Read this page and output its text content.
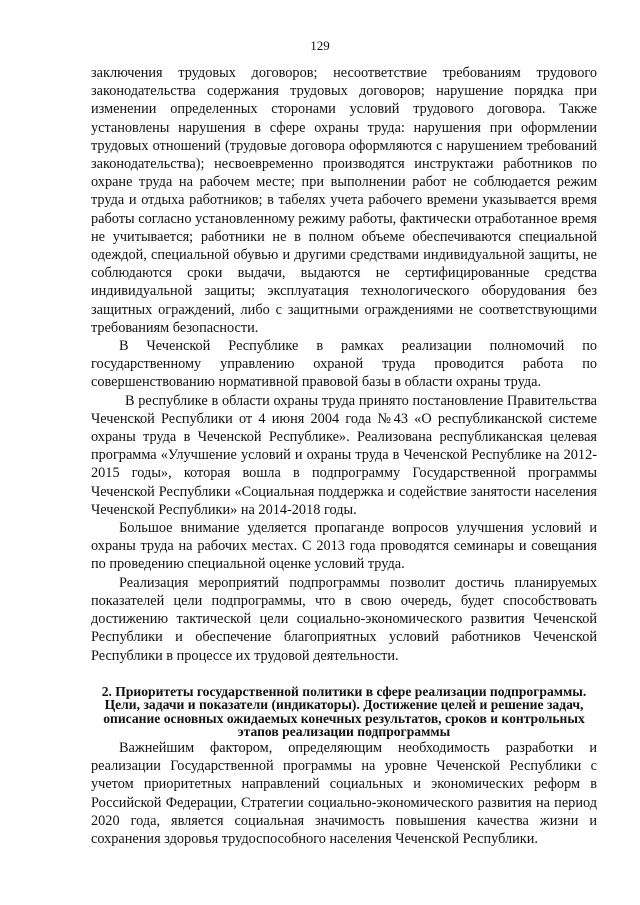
129

заключения трудовых договоров; несоответствие требованиям трудового законодательства содержания трудовых договоров; нарушение порядка при изменении определенных сторонами условий трудового договора. Также установлены нарушения в сфере охраны труда: нарушения при оформлении трудовых отношений (трудовые договора оформляются с нарушением требований законодательства); несвоевременно производятся инструктажи работников по охране труда на рабочем месте; при выполнении работ не соблюдается режим труда и отдыха работников; в табелях учета рабочего времени указывается время работы согласно установленному режиму работы, фактически отработанное время не учитывается; работники не в полном объеме обеспечиваются специальной одеждой, специальной обувью и другими средствами индивидуальной защиты, не соблюдаются сроки выдачи, выдаются не сертифицированные средства индивидуальной защиты; эксплуатация технологического оборудования без защитных ограждений, либо с защитными ограждениями не соответствующими требованиям безопасности.

В Чеченской Республике в рамках реализации полномочий по государственному управлению охраной труда проводится работа по совершенствованию нормативной правовой базы в области охраны труда.

В республике в области охраны труда принято постановление Правительства Чеченской Республики от 4 июня 2004 года №43 «О республиканской системе охраны труда в Чеченской Республике». Реализована республиканская целевая программа «Улучшение условий и охраны труда в Чеченской Республике на 2012-2015 годы», которая вошла в подпрограмму Государственной программы Чеченской Республики «Социальная поддержка и содействие занятости населения Чеченской Республики» на 2014-2018 годы.

Большое внимание уделяется пропаганде вопросов улучшения условий и охраны труда на рабочих местах. С 2013 года проводятся семинары и совещания по проведению специальной оценке условий труда.

Реализация мероприятий подпрограммы позволит достичь планируемых показателей цели подпрограммы, что в свою очередь, будет способствовать достижению тактической цели социально-экономического развития Чеченской Республики и обеспечение благоприятных условий работников Чеченской Республики в процессе их трудовой деятельности.

2. Приоритеты государственной политики в сфере реализации подпрограммы. Цели, задачи и показатели (индикаторы). Достижение целей и решение задач, описание основных ожидаемых конечных результатов, сроков и контрольных этапов реализации подпрограммы

Важнейшим фактором, определяющим необходимость разработки и реализации Государственной программы на уровне Чеченской Республики с учетом приоритетных направлений социальных и экономических реформ в Российской Федерации, Стратегии социально-экономического развития на период 2020 года, является социальная значимость повышения качества жизни и сохранения здоровья трудоспособного населения Чеченской Республики.
